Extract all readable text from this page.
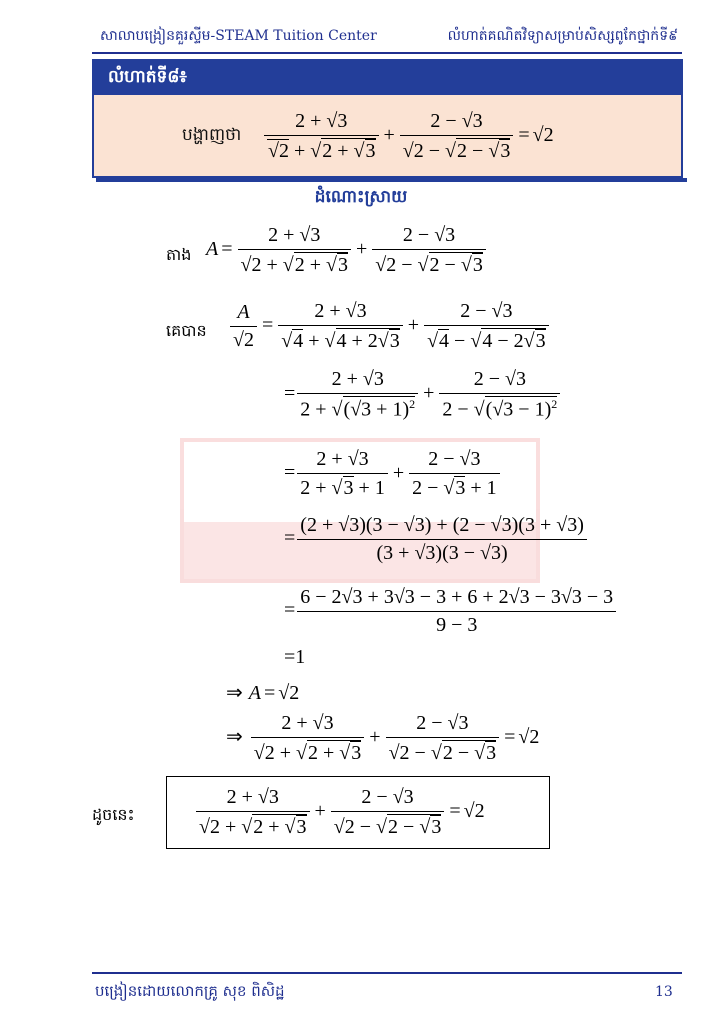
សាលាបង្រៀនគួរស្ទីម-STEAM Tuition Center	លំហាត់គណិតវិទ្យាសម្រាប់សិស្សពូកែថ្នាក់ទី៩
លំហាត់ទី៨៖
បង្ហាញថា $\frac{2 + √3}{√2 + √2 + √3} + \frac{2 - √3}{√2 - √2 - √3} = √2$
ដំណោះស្រាយ
តាង $A = \frac{2 + √3}{√2 + √2 + √3} + \frac{2 - √3}{√2 - √2 - √3}$
គេបាន $\frac{A}{√2} = \frac{2 + √3}{√4 + √4 + 2√3} + \frac{2 - √3}{√4 - √4 - 2√3}$
= $\frac{2 + √3}{2 + √(√3 + 1)^2} + \frac{2 - √3}{2 - √(√3 - 1)^2}$
= $\frac{2 + √3}{2 + √3 + 1} + \frac{2 - √3}{2 - √3 + 1}$
= $\frac{(2 + √3)(3 - √3) + (2 - √3)(3 + √3)}{(3 + √3)(3 - √3)}$
= $\frac{6 - 2√3 + 3√3 - 3 + 6 + 2√3 - 3√3 - 3}{9 - 3}$
=1
⇒ A = √2
⇒ $\frac{2 + √3}{√2 + √2 + √3} + \frac{2 - √3}{√2 - √2 - √3} = √2$
ដូចនេះ	$\frac{2 + √3}{√2 + √2 + √3} + \frac{2 - √3}{√2 - √2 - √3} = √2$
បង្រៀនដោយលោកគ្រូ សុខ ពិសិដ្ឋ	13
